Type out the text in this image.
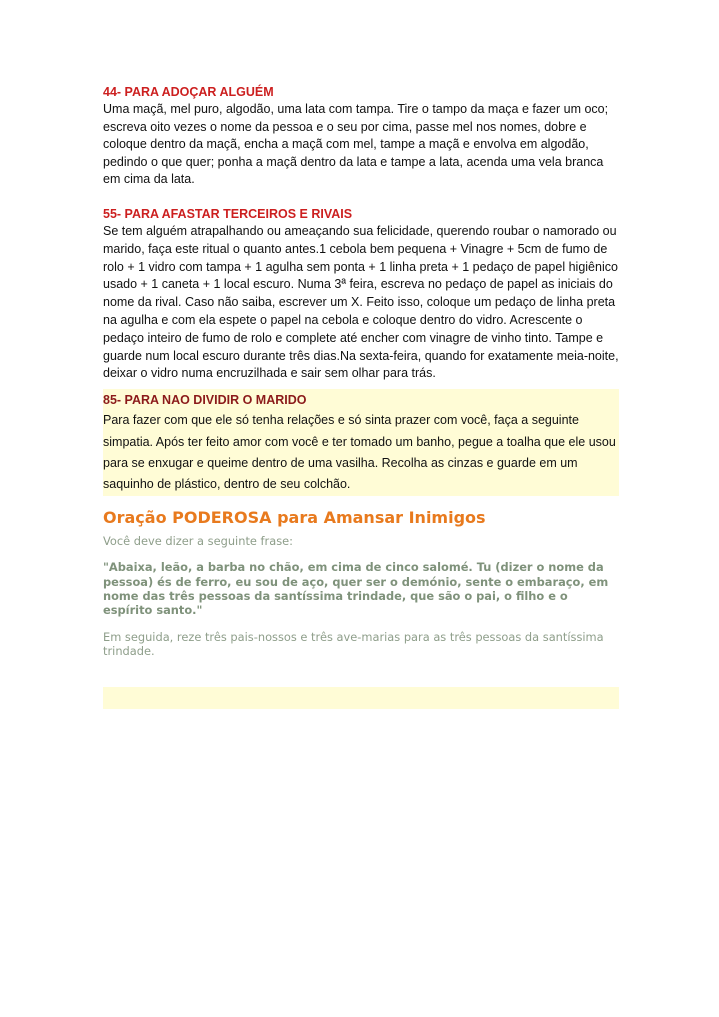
44- PARA ADOÇAR ALGUÉM

Uma maçã, mel puro, algodão, uma lata com tampa. Tire o tampo da maça e fazer um oco; escreva oito vezes o nome da pessoa e o seu por cima, passe mel nos nomes, dobre e coloque dentro da maçã, encha a maçã com mel, tampe a maçã e envolva em algodão, pedindo o que quer; ponha a maçã dentro da lata e tampe a lata, acenda uma vela branca em cima da lata.

55- PARA AFASTAR TERCEIROS E RIVAIS

Se tem alguém atrapalhando ou ameaçando sua felicidade, querendo roubar o namorado ou marido, faça este ritual o quanto antes.1 cebola bem pequena + Vinagre + 5cm de fumo de rolo + 1 vidro com tampa + 1 agulha sem ponta + 1 linha preta + 1 pedaço de papel higiênico usado + 1 caneta + 1 local escuro. Numa 3ª feira, escreva no pedaço de papel as iniciais do nome da rival. Caso não saiba, escrever um X. Feito isso, coloque um pedaço de linha preta na agulha e com ela espete o papel na cebola e coloque dentro do vidro. Acrescente o pedaço inteiro de fumo de rolo e complete até encher com vinagre de vinho tinto. Tampe e guarde num local escuro durante três dias.Na sexta-feira, quando for exatamente meia-noite, deixar o vidro numa encruzilhada e sair sem olhar para trás.

85- PARA NAO DIVIDIR O MARIDO

Para fazer com que ele só tenha relações e só sinta prazer com você, faça a seguinte simpatia. Após ter feito amor com você e ter tomado um banho, pegue a toalha que ele usou para se enxugar e queime dentro de uma vasilha. Recolha as cinzas e guarde em um saquinho de plástico, dentro de seu colchão.

Oração PODEROSA para Amansar Inimigos

Você deve dizer a seguinte frase:

"Abaixa, leão, a barba no chão, em cima de cinco salomé. Tu (dizer o nome da pessoa) és de ferro, eu sou de aço, quer ser o demónio, sente o embaraço, em nome das três pessoas da santíssima trindade, que são o pai, o filho e o espírito santo."

Em seguida, reze três pais-nossos e três ave-marias para as três pessoas da santíssima trindade.
